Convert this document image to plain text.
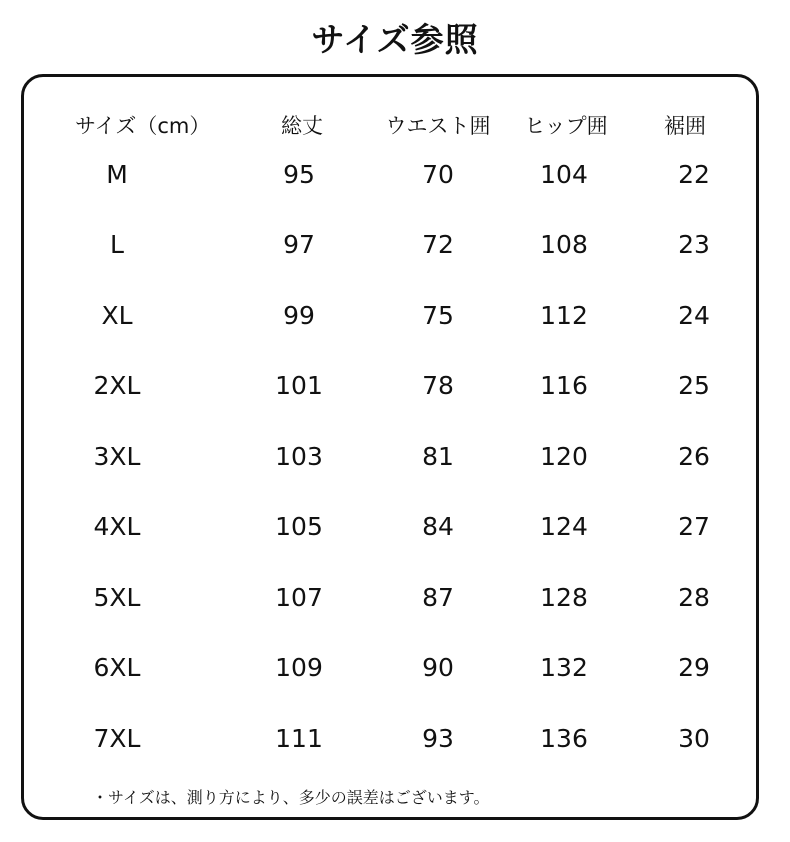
サイズ参照
サイズ（cm）	総丈	ウエスト囲	ヒップ囲	裾囲
M	95	70	104	22
L	97	72	108	23
XL	99	75	112	24
2XL	101	78	116	25
3XL	103	81	120	26
4XL	105	84	124	27
5XL	107	87	128	28
6XL	109	90	132	29
7XL	111	93	136	30
・サイズは、測り方により、多少の誤差はございます。
